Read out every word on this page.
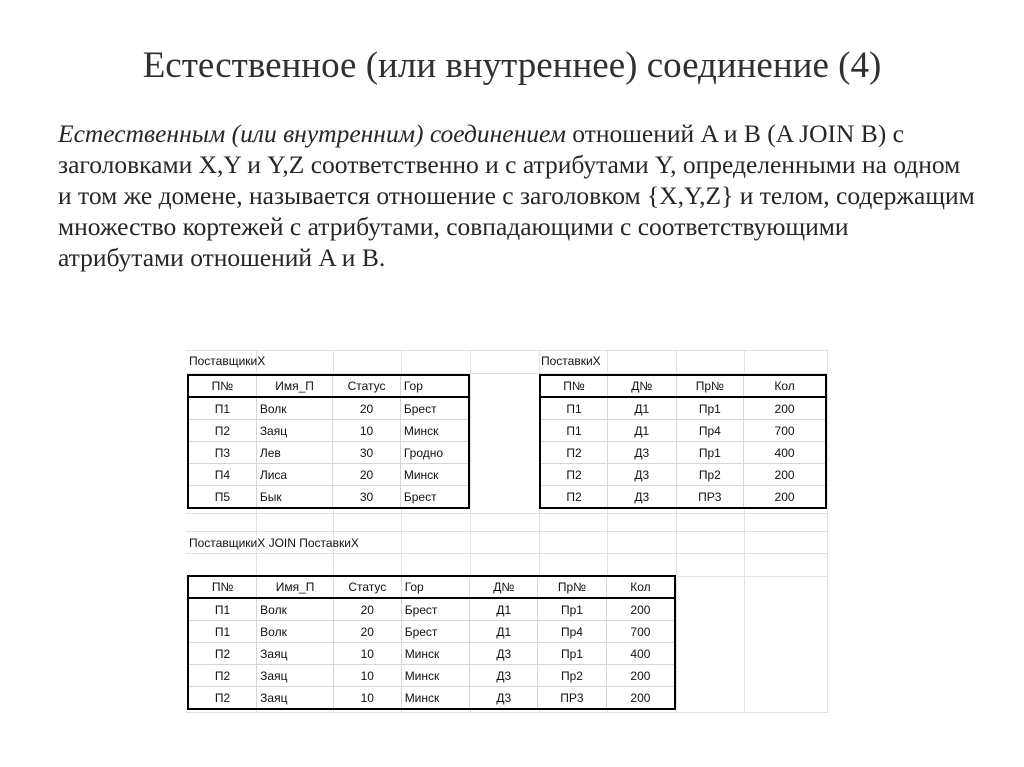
Естественное (или внутреннее) соединение (4)
Естественным (или внутренним) соединением отношений A и B (A JOIN B) с заголовками X,Y и Y,Z соответственно и с атрибутами Y, определенными на одном и том же домене, называется отношение с заголовком {X,Y,Z} и телом, содержащим множество кортежей с атрибутами, совпадающими с соответствующими атрибутами отношений A и B.
ПоставщикиX	ПоставкиX
ПоставщикиX JOIN ПоставкиX
П№	Имя_П	Статус	Гор
П1	Волк	20	Брест
П2	Заяц	10	Минск
П3	Лев	30	Гродно
П4	Лиса	20	Минск
П5	Бык	30	Брест
П№	Д№	Пр№	Кол
П1	Д1	Пр1	200
П1	Д1	Пр4	700
П2	Д3	Пр1	400
П2	Д3	Пр2	200
П2	Д3	ПР3	200
П№	Имя_П	Статус	Гор	Д№	Пр№	Кол
П1	Волк	20	Брест	Д1	Пр1	200
П1	Волк	20	Брест	Д1	Пр4	700
П2	Заяц	10	Минск	Д3	Пр1	400
П2	Заяц	10	Минск	Д3	Пр2	200
П2	Заяц	10	Минск	Д3	ПР3	200
